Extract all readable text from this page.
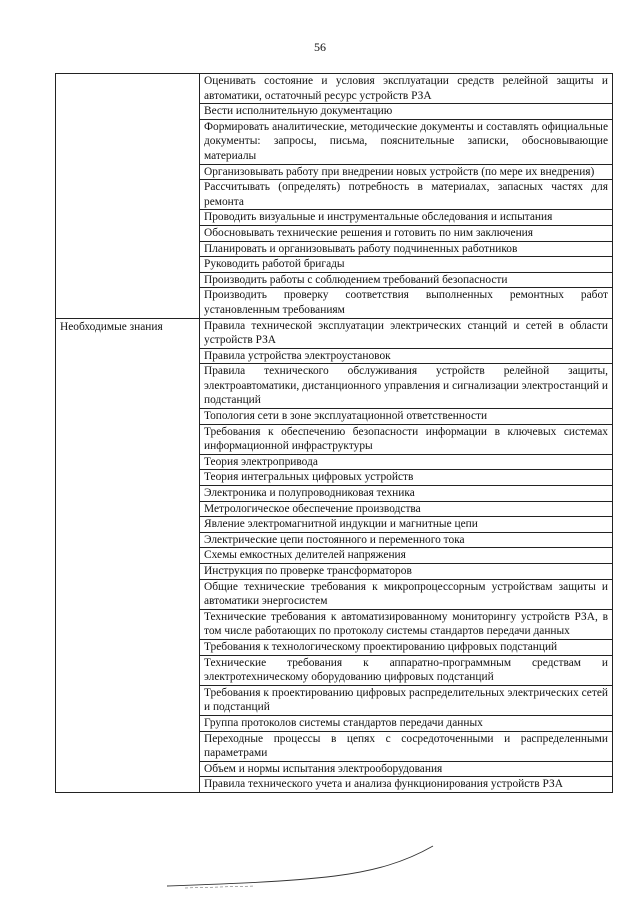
56
	Оценивать состояние и условия эксплуатации средств релейной защиты и автоматики, остаточный ресурс устройств РЗА
	Вести исполнительную документацию
	Формировать аналитические, методические документы и составлять официальные документы: запросы, письма, пояснительные записки, обосновывающие материалы
	Организовывать работу при внедрении новых устройств (по мере их внедрения)
	Рассчитывать (определять) потребность в материалах, запасных частях для ремонта
	Проводить визуальные и инструментальные обследования и испытания
	Обосновывать технические решения и готовить по ним заключения
	Планировать и организовывать работу подчиненных работников
	Руководить работой бригады
	Производить работы с соблюдением требований безопасности
	Производить проверку соответствия выполненных ремонтных работ установленным требованиям

Необходимые знания	Правила технической эксплуатации электрических станций и сетей в области устройств РЗА
	Правила устройства электроустановок
	Правила технического обслуживания устройств релейной защиты, электроавтоматики, дистанционного управления и сигнализации электростанций и подстанций
	Топология сети в зоне эксплуатационной ответственности
	Требования к обеспечению безопасности информации в ключевых системах информационной инфраструктуры
	Теория электропривода
	Теория интегральных цифровых устройств
	Электроника и полупроводниковая техника
	Метрологическое обеспечение производства
	Явление электромагнитной индукции и магнитные цепи
	Электрические цепи постоянного и переменного тока
	Схемы емкостных делителей напряжения
	Инструкция по проверке трансформаторов
	Общие технические требования к микропроцессорным устройствам защиты и автоматики энергосистем
	Технические требования к автоматизированному мониторингу устройств РЗА, в том числе работающих по протоколу системы стандартов передачи данных
	Требования к технологическому проектированию цифровых подстанций
	Технические требования к аппаратно-программным средствам и электротехническому оборудованию цифровых подстанций
	Требования к проектированию цифровых распределительных электрических сетей и подстанций
	Группа протоколов системы стандартов передачи данных
	Переходные процессы в цепях с сосредоточенными и распределенными параметрами
	Объем и нормы испытания электрооборудования
	Правила технического учета и анализа функционирования устройств РЗА
